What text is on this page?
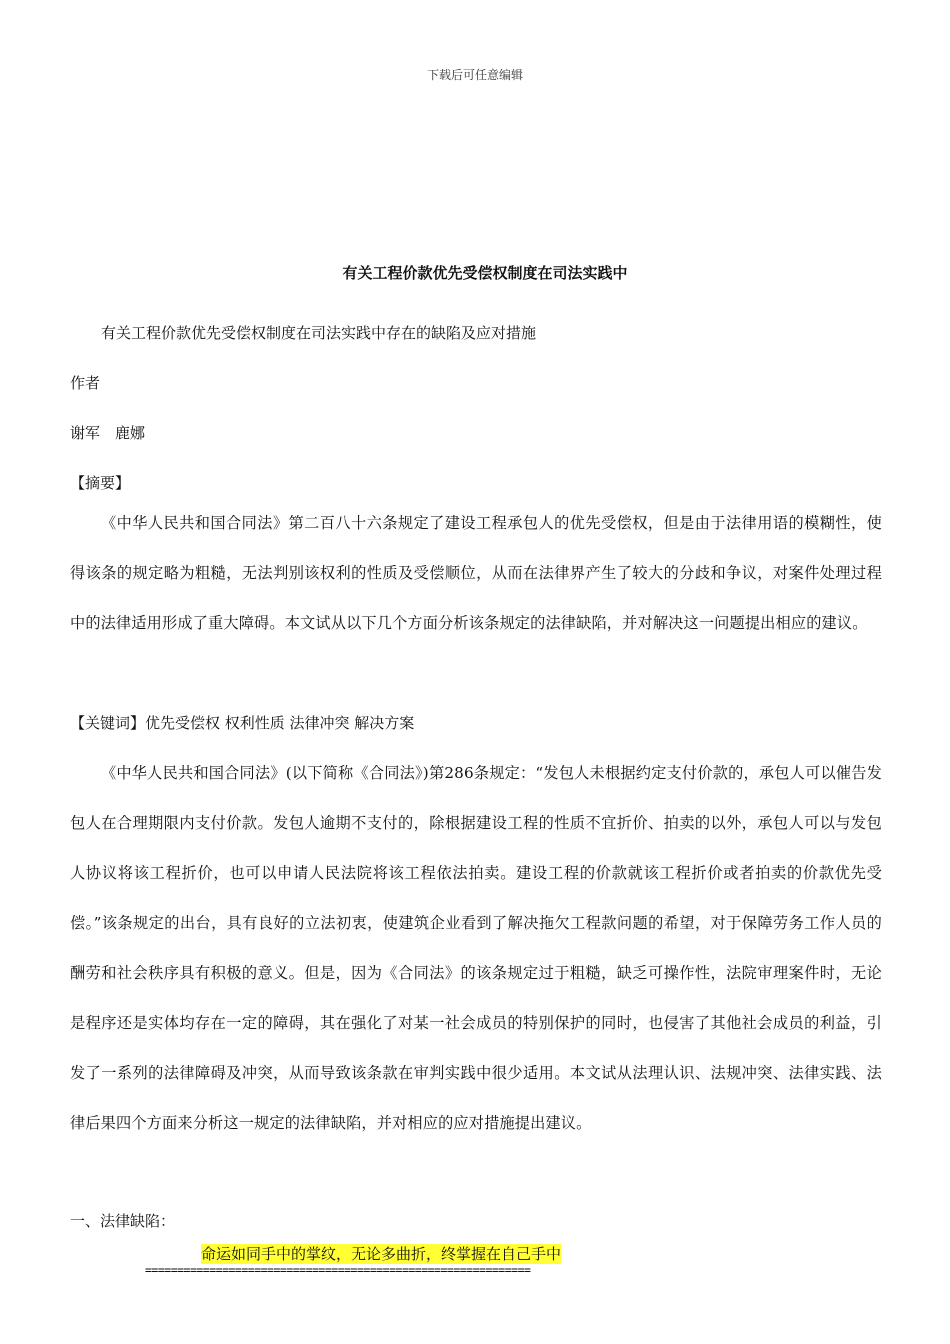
下载后可任意编辑
有关工程价款优先受偿权制度在司法实践中
有关工程价款优先受偿权制度在司法实践中存在的缺陷及应对措施
作者
谢军　鹿娜
【摘要】
《中华人民共和国合同法》第二百八十六条规定了建设工程承包人的优先受偿权，但是由于法律用语的模糊性，使得该条的规定略为粗糙，无法判别该权利的性质及受偿顺位，从而在法律界产生了较大的分歧和争议，对案件处理过程中的法律适用形成了重大障碍。本文试从以下几个方面分析该条规定的法律缺陷，并对解决这一问题提出相应的建议。
【关键词】优先受偿权 权利性质 法律冲突 解决方案
《中华人民共和国合同法》(以下简称《合同法》)第286条规定：“发包人未根据约定支付价款的，承包人可以催告发包人在合理期限内支付价款。发包人逾期不支付的，除根据建设工程的性质不宜折价、拍卖的以外，承包人可以与发包人协议将该工程折价，也可以申请人民法院将该工程依法拍卖。建设工程的价款就该工程折价或者拍卖的价款优先受偿。”该条规定的出台，具有良好的立法初衷，使建筑企业看到了解决拖欠工程款问题的希望，对于保障劳务工作人员的酬劳和社会秩序具有积极的意义。但是，因为《合同法》的该条规定过于粗糙，缺乏可操作性，法院审理案件时，无论是程序还是实体均存在一定的障碍，其在强化了对某一社会成员的特别保护的同时，也侵害了其他社会成员的利益，引发了一系列的法律障碍及冲突，从而导致该条款在审判实践中很少适用。本文试从法理认识、法规冲突、法律实践、法律后果四个方面来分析这一规定的法律缺陷，并对相应的应对措施提出建议。
一、法律缺陷：
命运如同手中的掌纹，无论多曲折，终掌握在自己手中
============================================================
